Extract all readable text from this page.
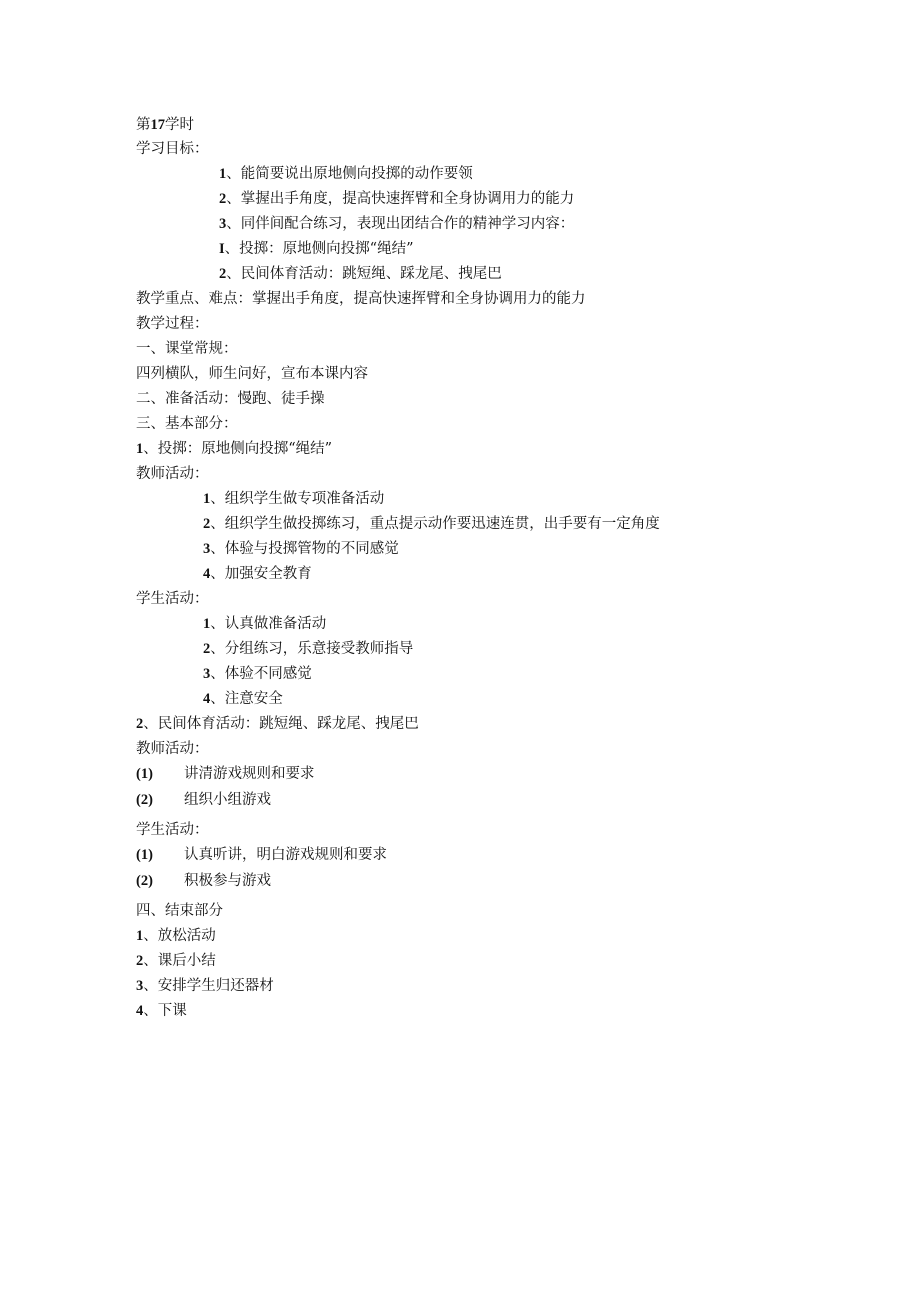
第17学时
学习目标：
1、能简要说出原地侧向投掷的动作要领
2、掌握出手角度，提高快速挥臂和全身协调用力的能力
3、同伴间配合练习，表现出团结合作的精神学习内容：
I、投掷：原地侧向投掷“绳结”
2、民间体育活动：跳短绳、踩龙尾、拽尾巴
教学重点、难点：掌握出手角度，提高快速挥臂和全身协调用力的能力
教学过程：
一、课堂常规：
四列横队，师生问好，宣布本课内容
二、准备活动：慢跑、徒手操
三、基本部分：
1、投掷：原地侧向投掷“绳结”
教师活动：
1、组织学生做专项准备活动
2、组织学生做投掷练习，重点提示动作要迅速连贯，出手要有一定角度
3、体验与投掷管物的不同感觉
4、加强安全教育
学生活动：
1、认真做准备活动
2、分组练习，乐意接受教师指导
3、体验不同感觉
4、注意安全
2、民间体育活动：跳短绳、踩龙尾、拽尾巴
教师活动：
(1) 讲清游戏规则和要求
(2) 组织小组游戏
学生活动：
(1) 认真听讲，明白游戏规则和要求
(2) 积极参与游戏
四、结束部分
1、放松活动
2、课后小结
3、安排学生归还器材
4、下课
